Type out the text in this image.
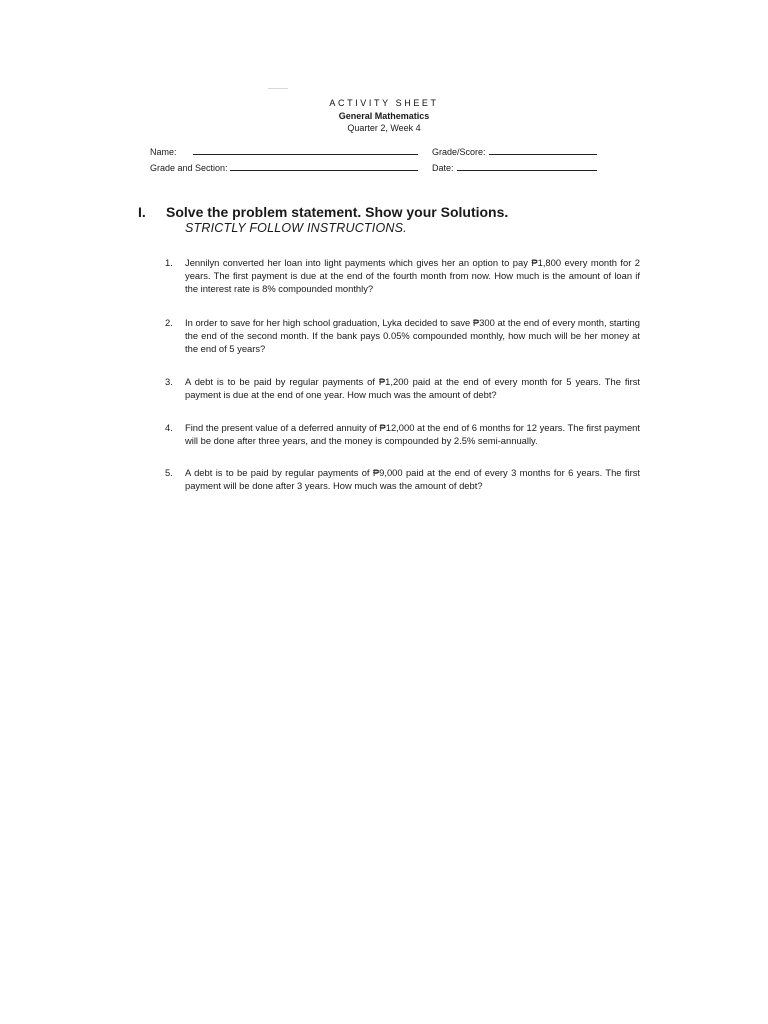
ACTIVITY SHEET
General Mathematics
Quarter 2, Week 4
Name:	Grade/Score:
Grade and Section:	Date:
I. Solve the problem statement. Show your Solutions.
STRICTLY FOLLOW INSTRUCTIONS.
1.	Jennilyn converted her loan into light payments which gives her an option to pay ₱1,800 every month for 2 years. The first payment is due at the end of the fourth month from now. How much is the amount of loan if the interest rate is 8% compounded monthly?
2.	In order to save for her high school graduation, Lyka decided to save ₱300 at the end of every month, starting the end of the second month. If the bank pays 0.05% compounded monthly, how much will be her money at the end of 5 years?
3.	A debt is to be paid by regular payments of ₱1,200 paid at the end of every month for 5 years. The first payment is due at the end of one year. How much was the amount of debt?
4.	Find the present value of a deferred annuity of ₱12,000 at the end of 6 months for 12 years. The first payment will be done after three years, and the money is compounded by 2.5% semi-annually.
5.	A debt is to be paid by regular payments of ₱9,000 paid at the end of every 3 months for 6 years. The first payment will be done after 3 years. How much was the amount of debt?
